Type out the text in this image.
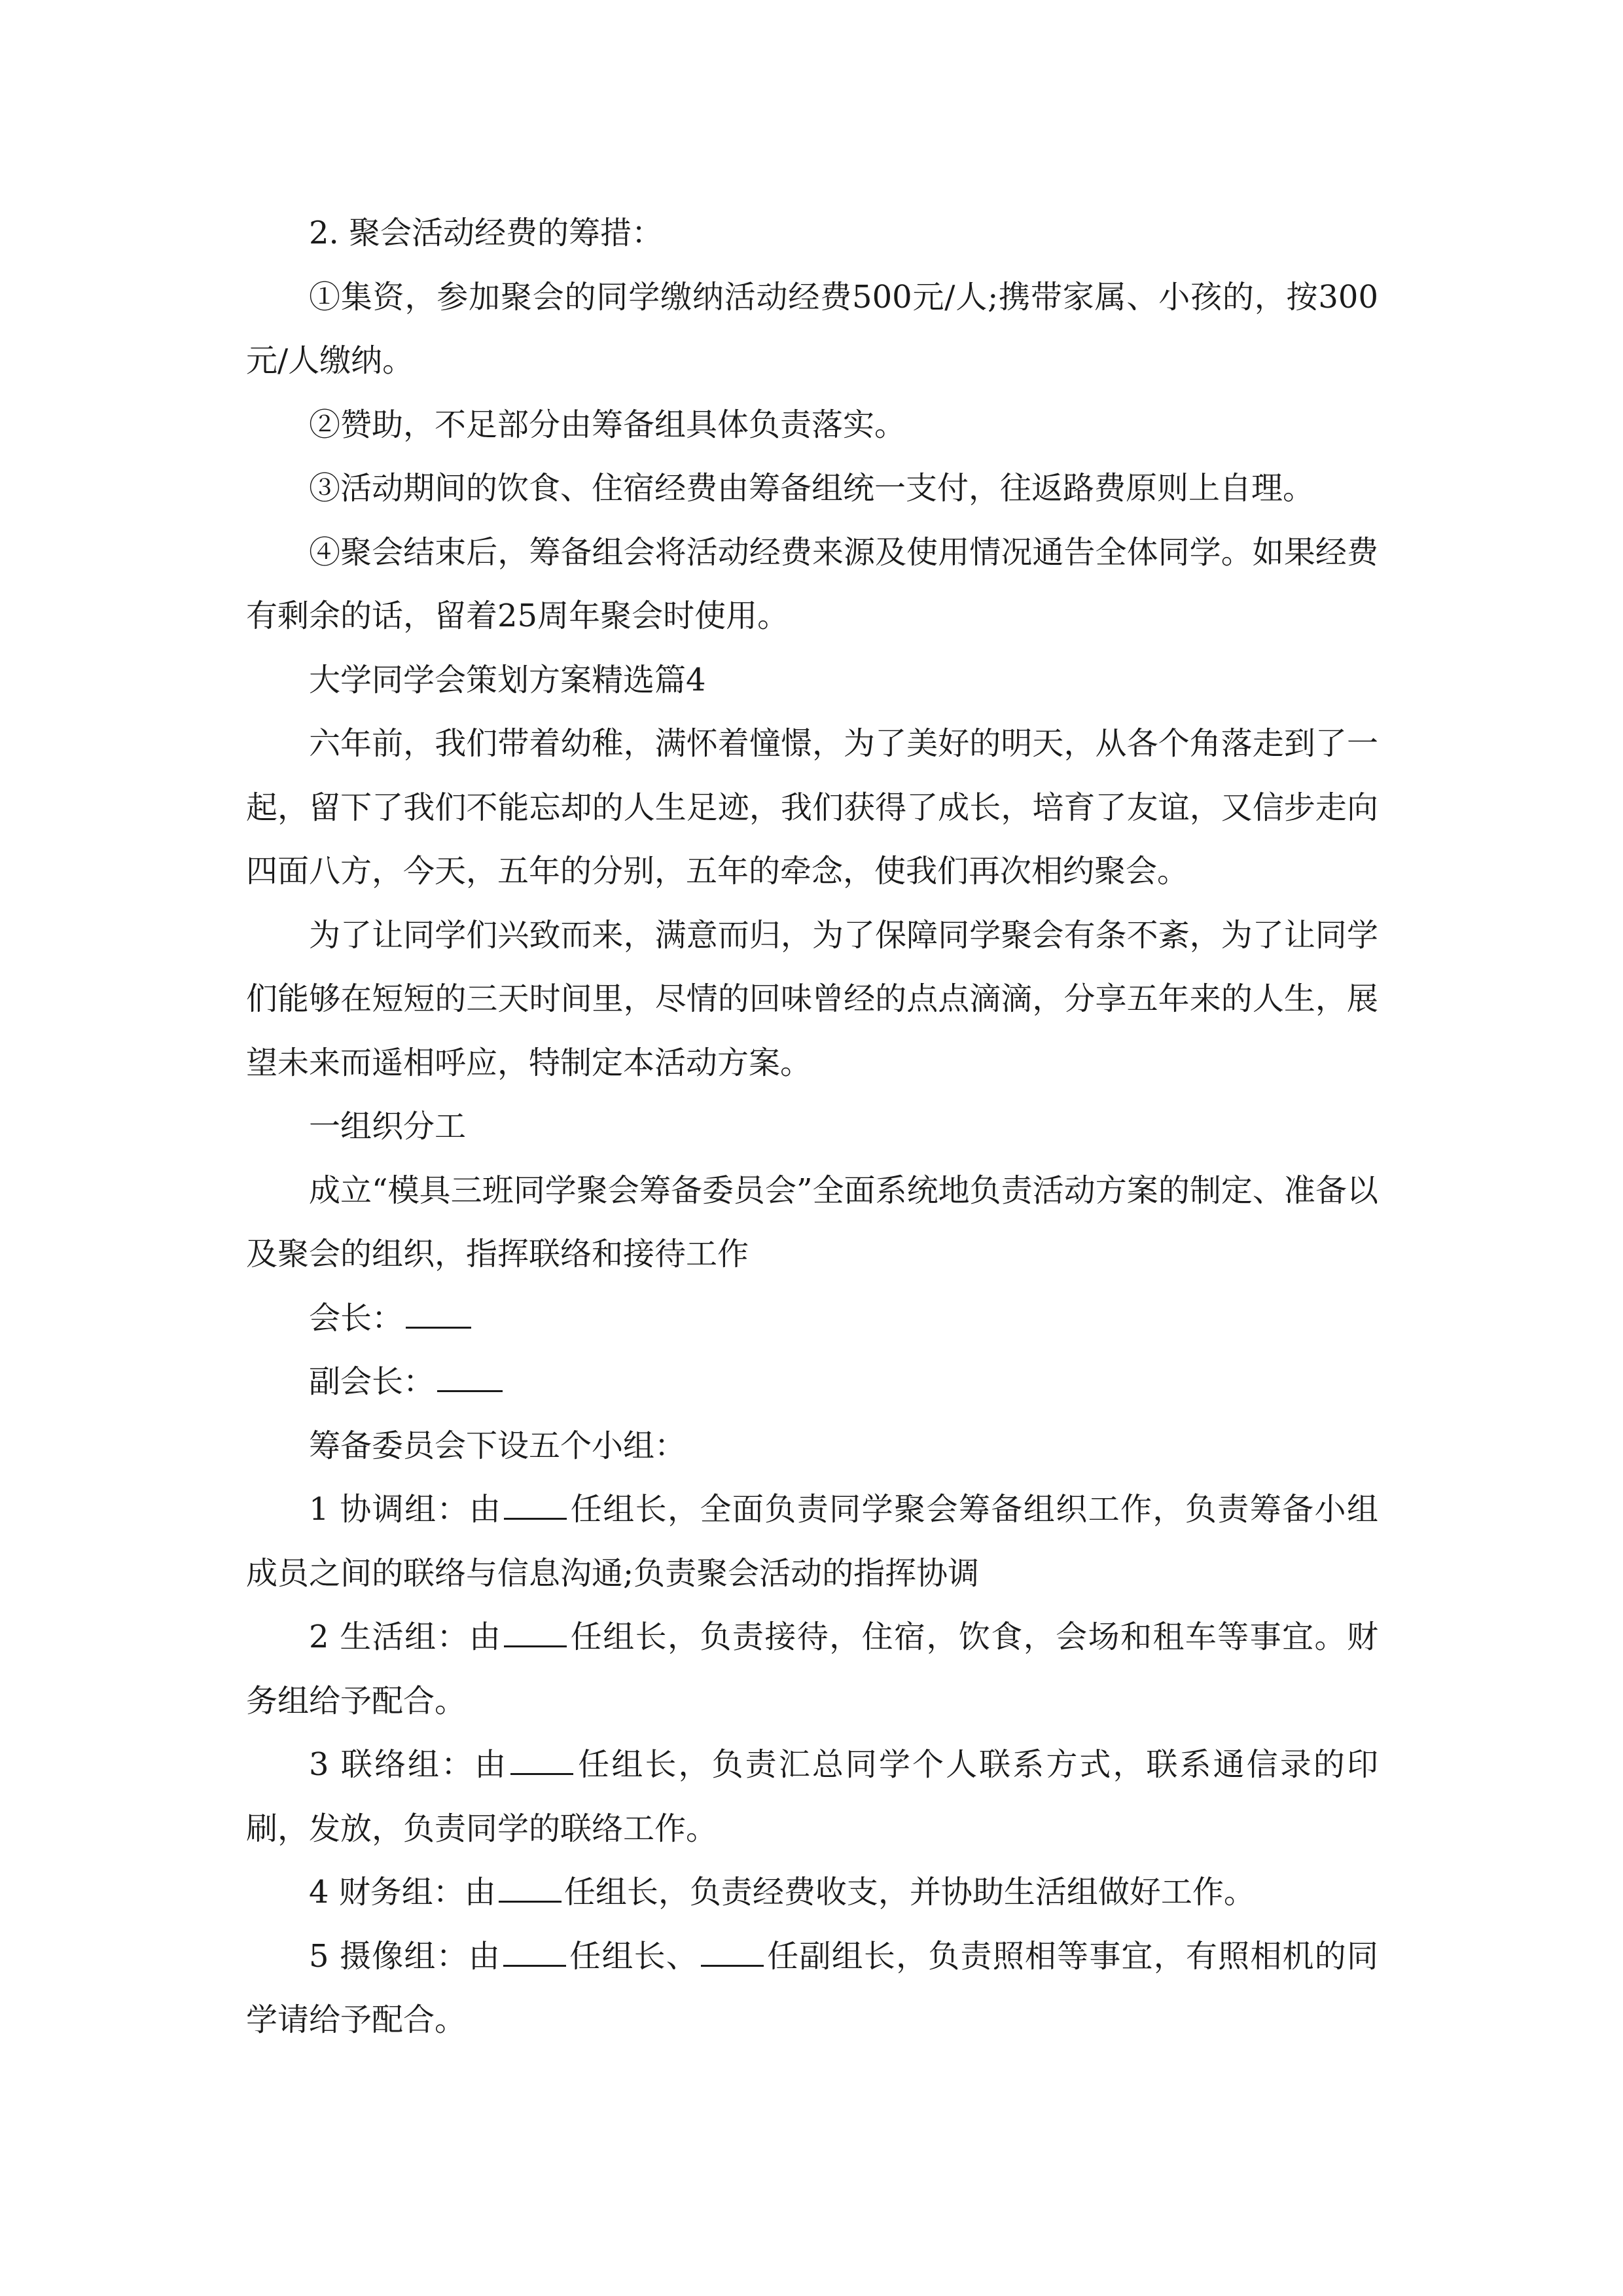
2. 聚会活动经费的筹措：

①集资，参加聚会的同学缴纳活动经费500元/人;携带家属、小孩的，按300元/人缴纳。

②赞助，不足部分由筹备组具体负责落实。

③活动期间的饮食、住宿经费由筹备组统一支付，往返路费原则上自理。

④聚会结束后，筹备组会将活动经费来源及使用情况通告全体同学。如果经费有剩余的话，留着25周年聚会时使用。

大学同学会策划方案精选篇4

六年前，我们带着幼稚，满怀着憧憬，为了美好的明天，从各个角落走到了一起，留下了我们不能忘却的人生足迹，我们获得了成长，培育了友谊，又信步走向四面八方，今天，五年的分别，五年的牵念，使我们再次相约聚会。

为了让同学们兴致而来，满意而归，为了保障同学聚会有条不紊，为了让同学们能够在短短的三天时间里，尽情的回味曾经的点点滴滴，分享五年来的人生，展望未来而遥相呼应，特制定本活动方案。

一组织分工

成立“模具三班同学聚会筹备委员会”全面系统地负责活动方案的制定、准备以及聚会的组织，指挥联络和接待工作

会长：

副会长：

筹备委员会下设五个小组：

1 协调组：由 任组长，全面负责同学聚会筹备组织工作，负责筹备小组成员之间的联络与信息沟通;负责聚会活动的指挥协调

2 生活组：由 任组长，负责接待，住宿，饮食，会场和租车等事宜。财务组给予配合。

3 联络组：由 任组长，负责汇总同学个人联系方式，联系通信录的印刷，发放，负责同学的联络工作。

4 财务组：由 任组长，负责经费收支，并协助生活组做好工作。

5 摄像组：由 任组长、 任副组长，负责照相等事宜，有照相机的同学请给予配合。
